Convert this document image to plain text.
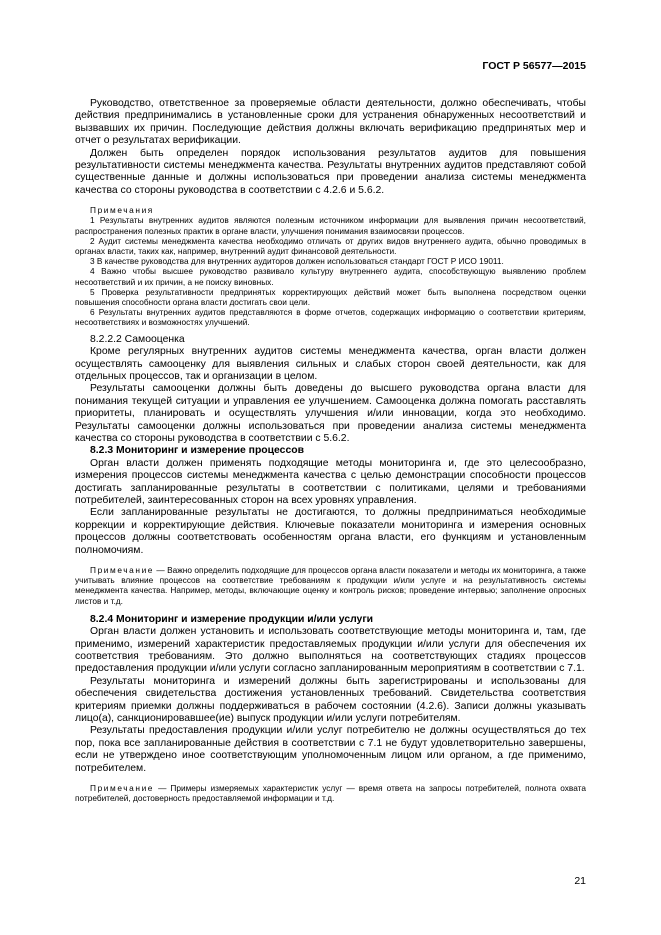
ГОСТ Р 56577—2015

Руководство, ответственное за проверяемые области деятельности, должно обеспечивать, чтобы действия предпринимались в установленные сроки для устранения обнаруженных несоответствий и вызвавших их причин. Последующие действия должны включать верификацию предпринятых мер и отчет о результатах верификации.

Должен быть определен порядок использования результатов аудитов для повышения результативности системы менеджмента качества. Результаты внутренних аудитов представляют собой существенные данные и должны использоваться при проведении анализа системы менеджмента качества со стороны руководства в соответствии с 4.2.6 и 5.6.2.

Примечания
1 Результаты внутренних аудитов являются полезным источником информации для выявления причин несоответствий, распространения полезных практик в органе власти, улучшения понимания взаимосвязи процессов.
2 Аудит системы менеджмента качества необходимо отличать от других видов внутреннего аудита, обычно проводимых в органах власти, таких как, например, внутренний аудит финансовой деятельности.
3 В качестве руководства для внутренних аудиторов должен использоваться стандарт ГОСТ Р ИСО 19011.
4 Важно чтобы высшее руководство развивало культуру внутреннего аудита, способствующую выявлению проблем несоответствий и их причин, а не поиску виновных.
5 Проверка результативности предпринятых корректирующих действий может быть выполнена посредством оценки повышения способности органа власти достигать свои цели.
6 Результаты внутренних аудитов представляются в форме отчетов, содержащих информацию о соответствии критериям, несоответствиях и возможностях улучшений.
8.2.2.2 Самооценка

Кроме регулярных внутренних аудитов системы менеджмента качества, орган власти должен осуществлять самооценку для выявления сильных и слабых сторон своей деятельности, как для отдельных процессов, так и организации в целом.

Результаты самооценки должны быть доведены до высшего руководства органа власти для понимания текущей ситуации и управления ее улучшением. Самооценка должна помогать расставлять приоритеты, планировать и осуществлять улучшения и/или инновации, когда это необходимо. Результаты самооценки должны использоваться при проведении анализа системы менеджмента качества со стороны руководства в соответствии с 5.6.2.

8.2.3 Мониторинг и измерение процессов

Орган власти должен применять подходящие методы мониторинга и, где это целесообразно, измерения процессов системы менеджмента качества с целью демонстрации способности процессов достигать запланированные результаты в соответствии с политиками, целями и требованиями потребителей, заинтересованных сторон на всех уровнях управления.

Если запланированные результаты не достигаются, то должны предприниматься необходимые коррекции и корректирующие действия. Ключевые показатели мониторинга и измерения основных процессов должны соответствовать особенностям органа власти, его функциям и установленным полномочиям.

Примечание — Важно определить подходящие для процессов органа власти показатели и методы их мониторинга, а также учитывать влияние процессов на соответствие требованиям к продукции и/или услуге и на результативность системы менеджмента качества. Например, методы, включающие оценку и контроль рисков; проведение интервью; заполнение опросных листов и т.д.
8.2.4 Мониторинг и измерение продукции и/или услуги

Орган власти должен установить и использовать соответствующие методы мониторинга и, там, где применимо, измерений характеристик предоставляемых продукции и/или услуги для обеспечения их соответствия требованиям. Это должно выполняться на соответствующих стадиях процессов предоставления продукции и/или услуги согласно запланированным мероприятиям в соответствии с 7.1.

Результаты мониторинга и измерений должны быть зарегистрированы и использованы для обеспечения свидетельства достижения установленных требований. Свидетельства соответствия критериям приемки должны поддерживаться в рабочем состоянии (4.2.6). Записи должны указывать лицо(а), санкционировавшее(ие) выпуск продукции и/или услуги потребителям.

Результаты предоставления продукции и/или услуг потребителю не должны осуществляться до тех пор, пока все запланированные действия в соответствии с 7.1 не будут удовлетворительно завершены, если не утверждено иное соответствующим уполномоченным лицом или органом, а где применимо, потребителем.

Примечание — Примеры измеряемых характеристик услуг — время ответа на запросы потребителей, полнота охвата потребителей, достоверность предоставляемой информации и т.д.
21
